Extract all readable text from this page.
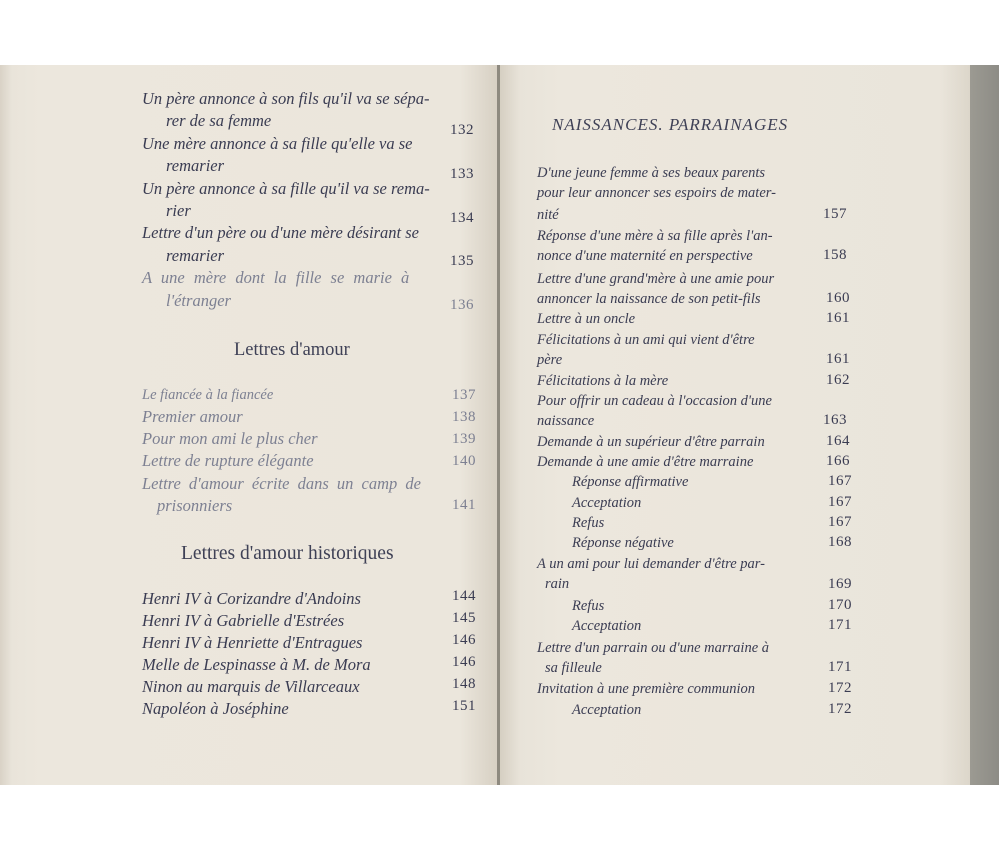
Un père annonce à son fils qu'il va se sépa-
rer de sa femme	132
Une mère annonce à sa fille qu'elle va se
remarier	133
Un père annonce à sa fille qu'il va se rema-
rier	134
Lettre d'un père ou d'une mère désirant se
remarier	135
A une mère dont la fille se marie à
l'étranger	136
Lettres d'amour
Le fiancée à la fiancée	137
Premier amour	138
Pour mon ami le plus cher	139
Lettre de rupture élégante	140
Lettre d'amour écrite dans un camp de
prisonniers	141
Lettres d'amour historiques
Henri IV à Corizandre d'Andoins	144
Henri IV à Gabrielle d'Estrées	145
Henri IV à Henriette d'Entragues	146
Melle de Lespinasse à M. de Mora	146
Ninon au marquis de Villarceaux	148
Napoléon à Joséphine	151
NAISSANCES. PARRAINAGES
D'une jeune femme à ses beaux parents
pour leur annoncer ses espoirs de mater-
nité	157
Réponse d'une mère à sa fille après l'an-
nonce d'une maternité en perspective	158
Lettre d'une grand'mère à une amie pour
annoncer la naissance de son petit-fils	160
Lettre à un oncle	161
Félicitations à un ami qui vient d'être
père	161
Félicitations à la mère	162
Pour offrir un cadeau à l'occasion d'une
naissance	163
Demande à un supérieur d'être parrain	164
Demande à une amie d'être marraine	166
Réponse affirmative	167
Acceptation	167
Refus	167
Réponse négative	168
A un ami pour lui demander d'être par-
rain	169
Refus	170
Acceptation	171
Lettre d'un parrain ou d'une marraine à
sa filleule	171
Invitation à une première communion	172
Acceptation	172
